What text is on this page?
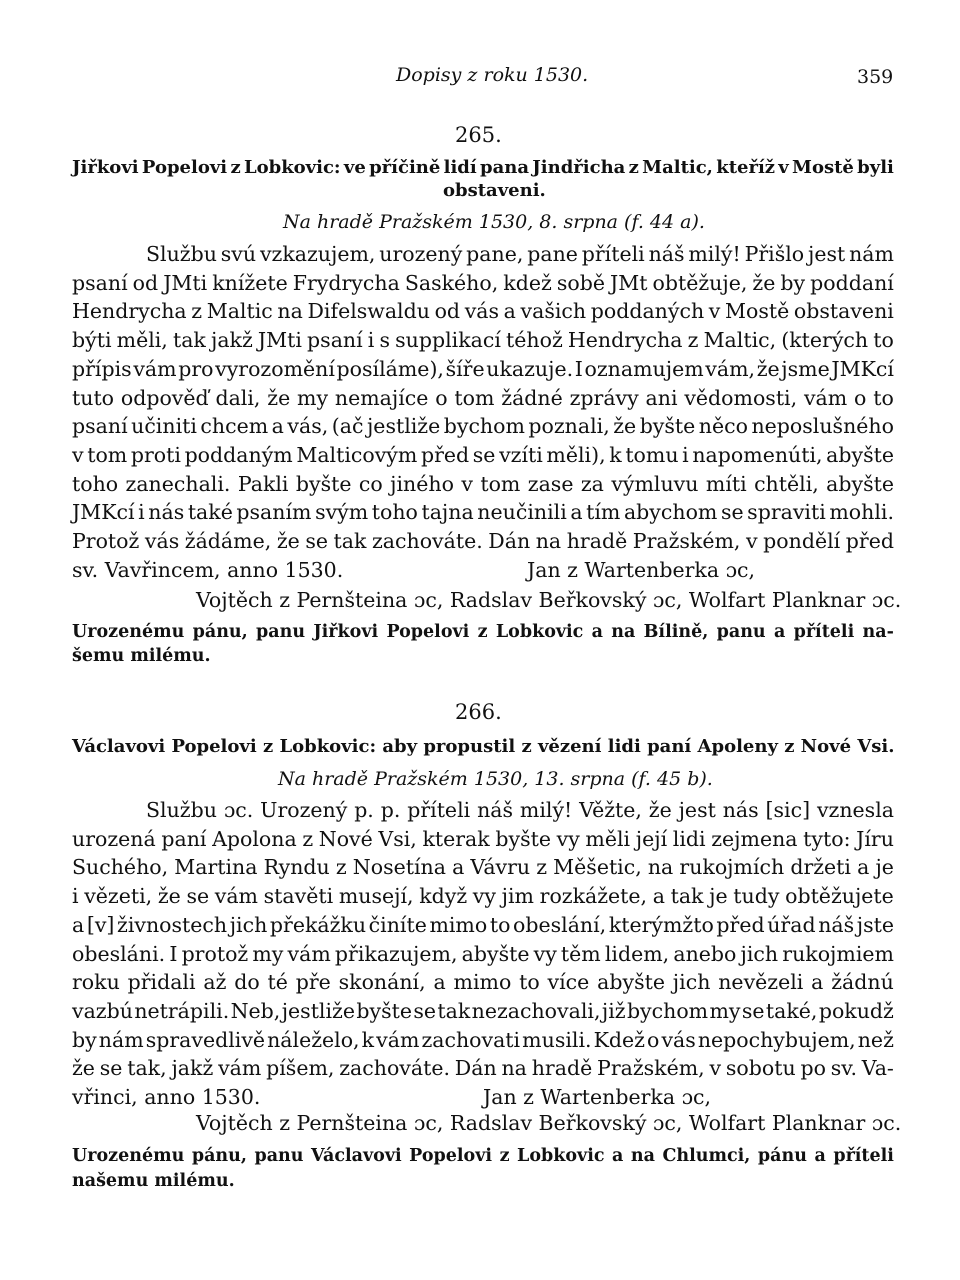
Dopisy z roku 1530.	359
265.
Jiřkovi Popelovi z Lobkovic: ve příčině lidí pana Jindřicha z Maltic, kteříž v Mostě byli
obstaveni.
Na hradě Pražském 1530, 8. srpna (f. 44 a).
Službu svú vzkazujem, urozený pane, pane příteli náš milý! Přišlo jest nám
psaní od JMti knížete Frydrycha Saského, kdež sobě JMt obtěžuje, že by poddaní
Hendrycha z Maltic na Difelswaldu od vás a vašich poddaných v Mostě obstaveni
býti měli, tak jakž JMti psaní i s supplikací téhož Hendrycha z Maltic, (kterých to
přípis vám pro vyrozomění posíláme), šíře ukazuje. I oznamujem vám, že jsme JMKcí
tuto odpověď dali, že my nemajíce o tom žádné zprávy ani vědomosti, vám o to
psaní učiniti chcem a vás, (ač jestliže bychom poznali, že byšte něco neposlušného
v tom proti poddaným Malticovým před se vzíti měli), k tomu i napomenúti, abyšte
toho zanechali. Pakli byšte co jiného v tom zase za výmluvu míti chtěli, abyšte
JMKcí i nás také psaním svým toho tajna neučinili a tím abychom se spraviti mohli.
Protož vás žádáme, že se tak zachováte. Dán na hradě Pražském, v pondělí před
sv. Vavřincem, anno 1530.	Jan z Wartenberka ɔc,
Vojtěch z Pernšteina ɔc, Radslav Beřkovský ɔc, Wolfart Planknar ɔc.
Urozenému pánu, panu Jiřkovi Popelovi z Lobkovic a na Bílině, panu a příteli na-
šemu milému.
266.
Václavovi Popelovi z Lobkovic: aby propustil z vězení lidi paní Apoleny z Nové Vsi.
Na hradě Pražském 1530, 13. srpna (f. 45 b).
Službu ɔc. Urozený p. p. příteli náš milý! Věžte, že jest nás [sic] vznesla
urozená paní Apolona z Nové Vsi, kterak byšte vy měli její lidi zejmena tyto: Jíru
Suchého, Martina Ryndu z Nosetína a Vávru z Měšetic, na rukojmích držeti a je
i vězeti, že se vám stavěti musejí, když vy jim rozkážete, a tak je tudy obtěžujete
a [v] živnostech jich překážku činíte mimo to obeslání, kterýmžto před úřad náš jste
obesláni. I protož my vám přikazujem, abyšte vy těm lidem, anebo jich rukojmiem
roku přidali až do té pře skonání, a mimo to více abyšte jich nevězeli a žádnú
vazbú netrápili. Neb, jestliže byšte se tak nezachovali, již bychom my se také, pokudž
by nám spravedlivě náleželo, k vám zachovati musili. Kdež o vás nepochybujem, než
že se tak, jakž vám píšem, zachováte. Dán na hradě Pražském, v sobotu po sv. Va-
vřinci, anno 1530.	Jan z Wartenberka ɔc,
Vojtěch z Pernšteina ɔc, Radslav Beřkovský ɔc, Wolfart Planknar ɔc.
Urozenému pánu, panu Václavovi Popelovi z Lobkovic a na Chlumci, pánu a příteli
našemu milému.
